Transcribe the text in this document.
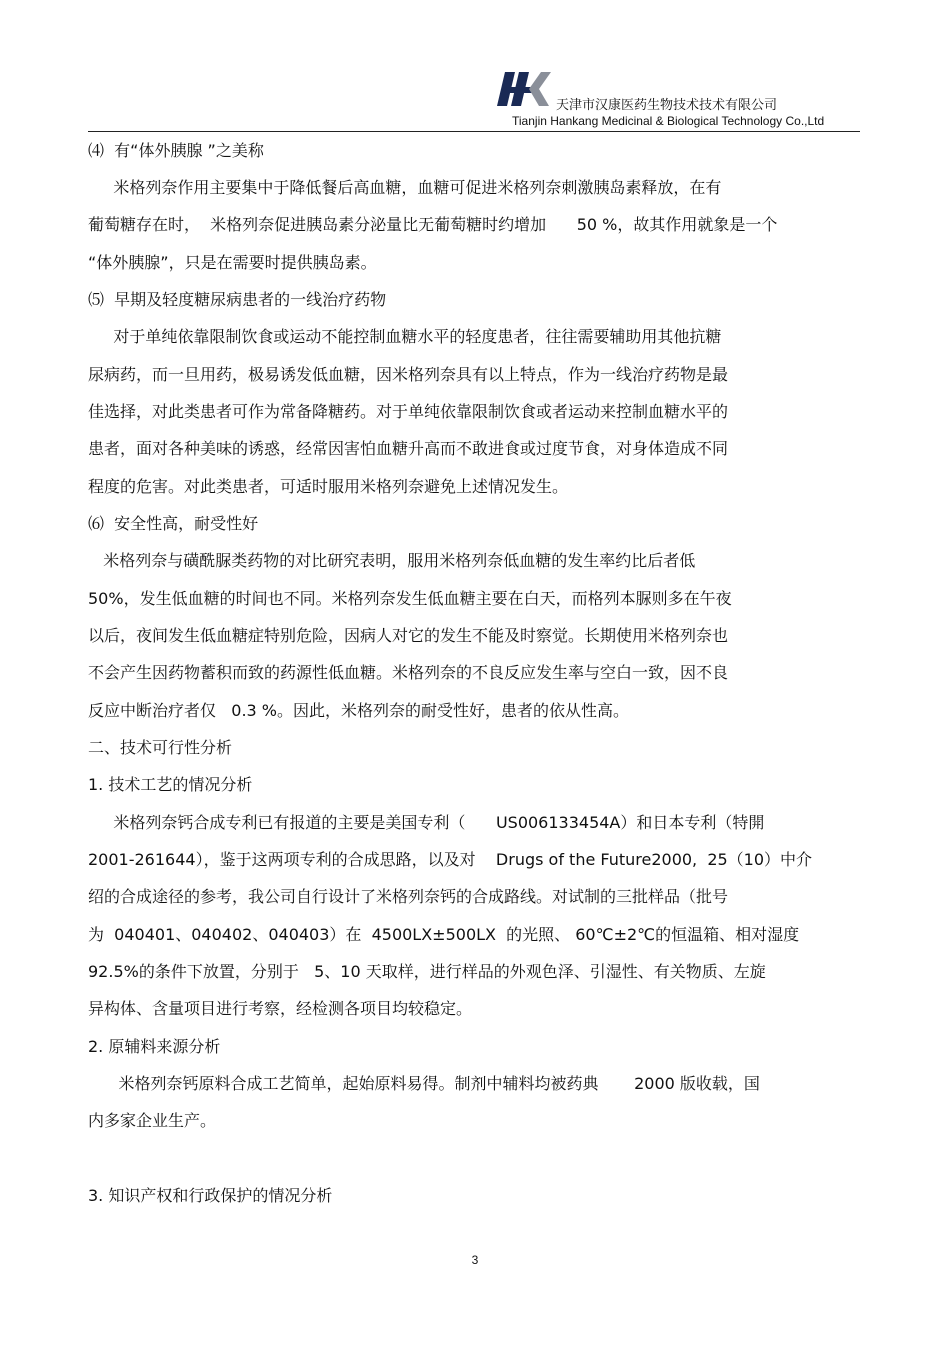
天津市汉康医药生物技术技术有限公司
Tianjin Hankang Medicinal & Biological Technology Co.,Ltd
⑷  有“体外胰腺 ”之美称
米格列奈作用主要集中于降低餐后高血糖，血糖可促进米格列奈刺激胰岛素释放，在有
葡萄糖存在时，  米格列奈促进胰岛素分泌量比无葡萄糖时约增加      50 %，故其作用就象是一个
“体外胰腺”，只是在需要时提供胰岛素。
⑸  早期及轻度糖尿病患者的一线治疗药物
对于单纯依靠限制饮食或运动不能控制血糖水平的轻度患者，往往需要辅助用其他抗糖
尿病药，而一旦用药，极易诱发低血糖，因米格列奈具有以上特点，作为一线治疗药物是最
佳选择，对此类患者可作为常备降糖药。对于单纯依靠限制饮食或者运动来控制血糖水平的
患者，面对各种美味的诱惑，经常因害怕血糖升高而不敢进食或过度节食，对身体造成不同
程度的危害。对此类患者，可适时服用米格列奈避免上述情况发生。
⑹  安全性高，耐受性好
米格列奈与磺酰脲类药物的对比研究表明，服用米格列奈低血糖的发生率约比后者低
50%，发生低血糖的时间也不同。米格列奈发生低血糖主要在白天，而格列本脲则多在午夜
以后，夜间发生低血糖症特别危险，因病人对它的发生不能及时察觉。长期使用米格列奈也
不会产生因药物蓄积而致的药源性低血糖。米格列奈的不良反应发生率与空白一致，因不良
反应中断治疗者仅   0.3 %。因此，米格列奈的耐受性好，患者的依从性高。
二、技术可行性分析
1. 技术工艺的情况分析
米格列奈钙合成专利已有报道的主要是美国专利（      US006133454A）和日本专利（特開
2001-261644），鉴于这两项专利的合成思路，以及对    Drugs of the Future2000,  25（10）中介
绍的合成途径的参考，我公司自行设计了米格列奈钙的合成路线。对试制的三批样品（批号
为  040401、040402、040403）在  4500LX±500LX  的光照、 60℃±2℃的恒温箱、相对湿度
92.5%的条件下放置，分别于   5、10 天取样，进行样品的外观色泽、引湿性、有关物质、左旋
异构体、含量项目进行考察，经检测各项目均较稳定。
2. 原辅料来源分析
米格列奈钙原料合成工艺简单，起始原料易得。制剂中辅料均被药典       2000 版收载，国
内多家企业生产。
3. 知识产权和行政保护的情况分析
3
